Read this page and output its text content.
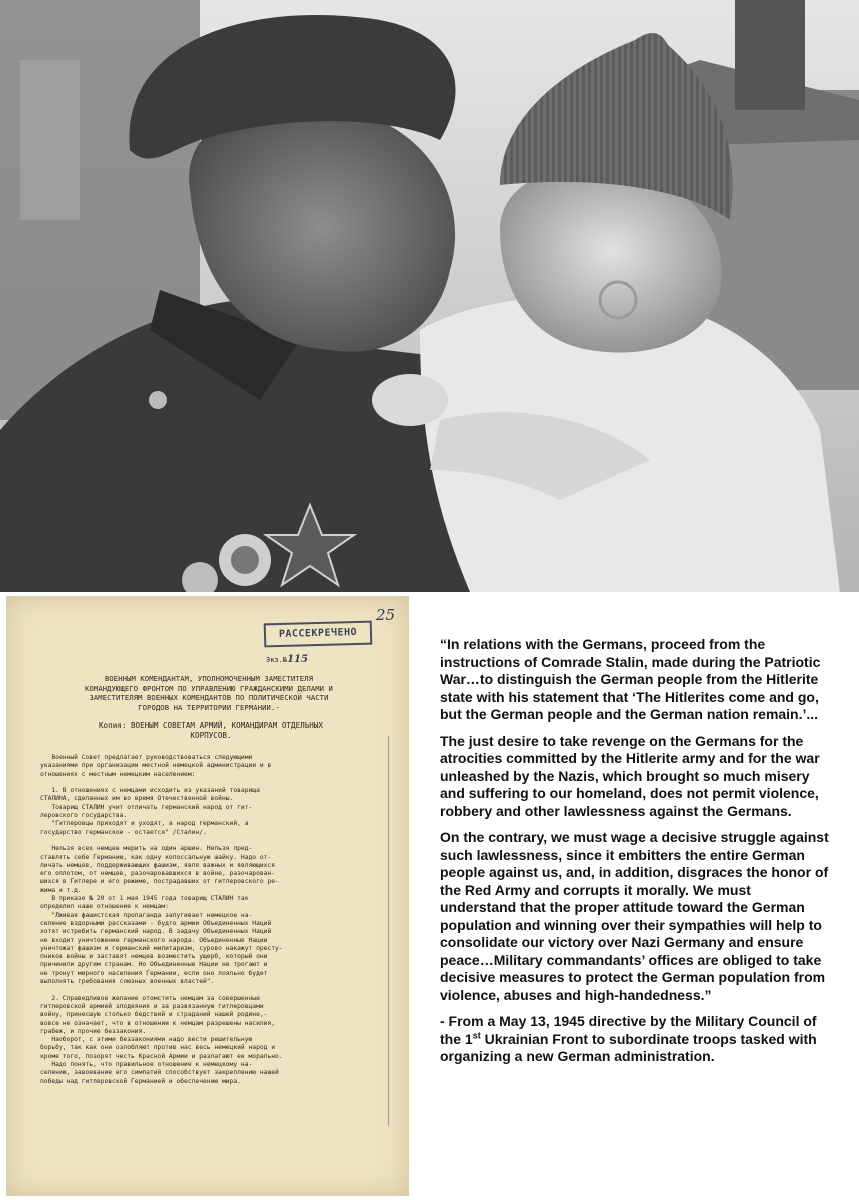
25
РАССЕКРЕЧЕНО
Экз.№115
ВОЕННЫМ КОМЕНДАНТАМ, УПОЛНОМОЧЕННЫМ ЗАМЕСТИТЕЛЯ
КОМАНДУЮЩЕГО ФРОНТОМ ПО УПРАВЛЕНИЮ ГРАЖДАНСКИМИ ДЕЛАМИ И
ЗАМЕСТИТЕЛЯМ ВОЕННЫХ КОМЕНДАНТОВ ПО ПОЛИТИЧЕСКОЙ ЧАСТИ
ГОРОДОВ НА ТЕРРИТОРИИ ГЕРМАНИИ.-
Копия: ВОЕНЫМ СОВЕТАМ АРМИЙ, КОМАНДИРАМ ОТДЕЛЬНЫХ
КОРПУСОВ.
Военный Совет предлагает руководствоваться следующими
указаниями при организации местной немецкой администрации и в
отношениях с местным немецким населением:

1. В отношениях с немцами исходить из указаний товарища
СТАЛИНА, сделанных им во время Отечественной войны.
Товарищ СТАЛИН учит отличать германский народ от гит-
леровского государства.
"Гитлеровцы приходят и уходят, а народ германский, а
государство германское - остается" /Сталин/.

Нельзя всех немцев мерить на один аршин. Нельзя пред-
ставлять себе Германию, как одну колоссальную шайку. Надо от-
личать немцев, поддерживающих фашизм, явля важных и являющихся
его оплотом, от немцев, разочаровавшихся в войне, разочарован-
шихся в Гитлере и его режиме, пострадавших от гитлеровского ре-
жима и т.д.
В приказе № 20 от 1 мая 1945 года товарищ СТАЛИН так
определил наше отношение к немцам:
"Лживая фашистская пропаганда запугивает немецкое на-
селение вздорными рассказами - будто армии Объединенных Наций
хотят истребить германский народ. В задачу Объединенных Наций
не входит уничтожение германского народа. Объединенные Нации
уничтожат фашизм и германский милитаризм, сурово накажут престу-
пников войны и заставят немцев возместить ущерб, который они
причинили другим странам. Но Объединенные Нации не трогают и
не тронут мирного населения Германии, если оно лояльно будет
выполнять требования союзных военных властей".

2. Справедливое желание отомстить немцам за совершенные
гитлеровской армией злодеяния и за развязанную гитлеровцами
войну, принесшую столько бедствий и страданий нашей родине,-
вовсе не означает, что в отношении к немцам разрешены насилия,
грабеж, и прочие беззакония.
Наоборот, с этими беззакониями надо вести решительную
борьбу, так как они озлобляют против нас весь немецкий народ и
кроме того, позорят честь Красной Армии и разлагают ее морально.
Надо понять, что правильное отношение к немецкому на-
селению, завоевание его симпатий способствует закреплению нашей
победы над гитлеровской Германией и обеспечению мира.

“In relations with the Germans, proceed from the instructions of Comrade Stalin, made during the Patriotic War…to distinguish the German people from the Hitlerite state with his statement that ‘The Hitlerites come and go, but the German people and the German nation remain.’...

The just desire to take revenge on the Germans for the atrocities committed by the Hitlerite army and for the war unleashed by the Nazis, which brought so much misery and suffering to our homeland, does not permit violence, robbery and other lawlessness against the Germans.

On the contrary, we must wage a decisive struggle against such lawlessness, since it embitters the entire German people against us, and, in addition, disgraces the honor of the Red Army and corrupts it morally. We must understand that the proper attitude toward the German population and winning over their sympathies will help to consolidate our victory over Nazi Germany and ensure peace…Military commandants’ offices are obliged to take decisive measures to protect the German population from violence, abuses and high-handedness.”

- From a May 13, 1945 directive by the Military Council of the 1st Ukrainian Front to subordinate troops tasked with organizing a new German administration.
